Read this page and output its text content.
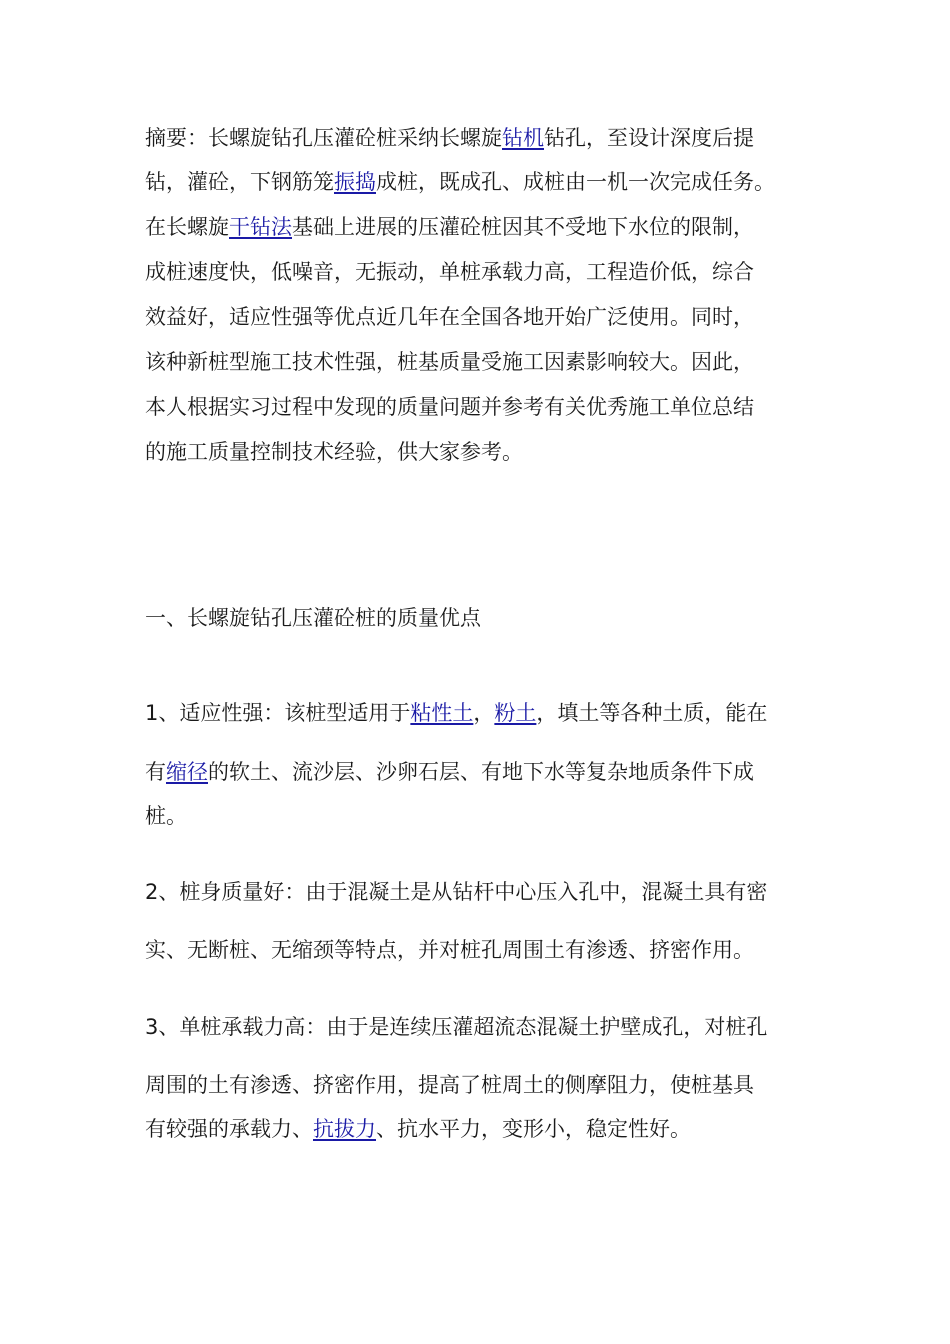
摘要：长螺旋钻孔压灌砼桩采纳长螺旋钻机钻孔，至设计深度后提
钻，灌砼，下钢筋笼振捣成桩，既成孔、成桩由一机一次完成任务。
在长螺旋干钻法基础上进展的压灌砼桩因其不受地下水位的限制，
成桩速度快，低噪音，无振动，单桩承载力高，工程造价低，综合
效益好，适应性强等优点近几年在全国各地开始广泛使用。同时，
该种新桩型施工技术性强，桩基质量受施工因素影响较大。因此，
本人根据实习过程中发现的质量问题并参考有关优秀施工单位总结
的施工质量控制技术经验，供大家参考。
一、长螺旋钻孔压灌砼桩的质量优点
1、适应性强：该桩型适用于粘性土，粉土，填土等各种土质，能在
有缩径的软土、流沙层、沙卵石层、有地下水等复杂地质条件下成
桩。
2、桩身质量好：由于混凝土是从钻杆中心压入孔中，混凝土具有密
实、无断桩、无缩颈等特点，并对桩孔周围土有渗透、挤密作用。
3、单桩承载力高：由于是连续压灌超流态混凝土护壁成孔，对桩孔
周围的土有渗透、挤密作用，提高了桩周土的侧摩阻力，使桩基具
有较强的承载力、抗拔力、抗水平力，变形小，稳定性好。
